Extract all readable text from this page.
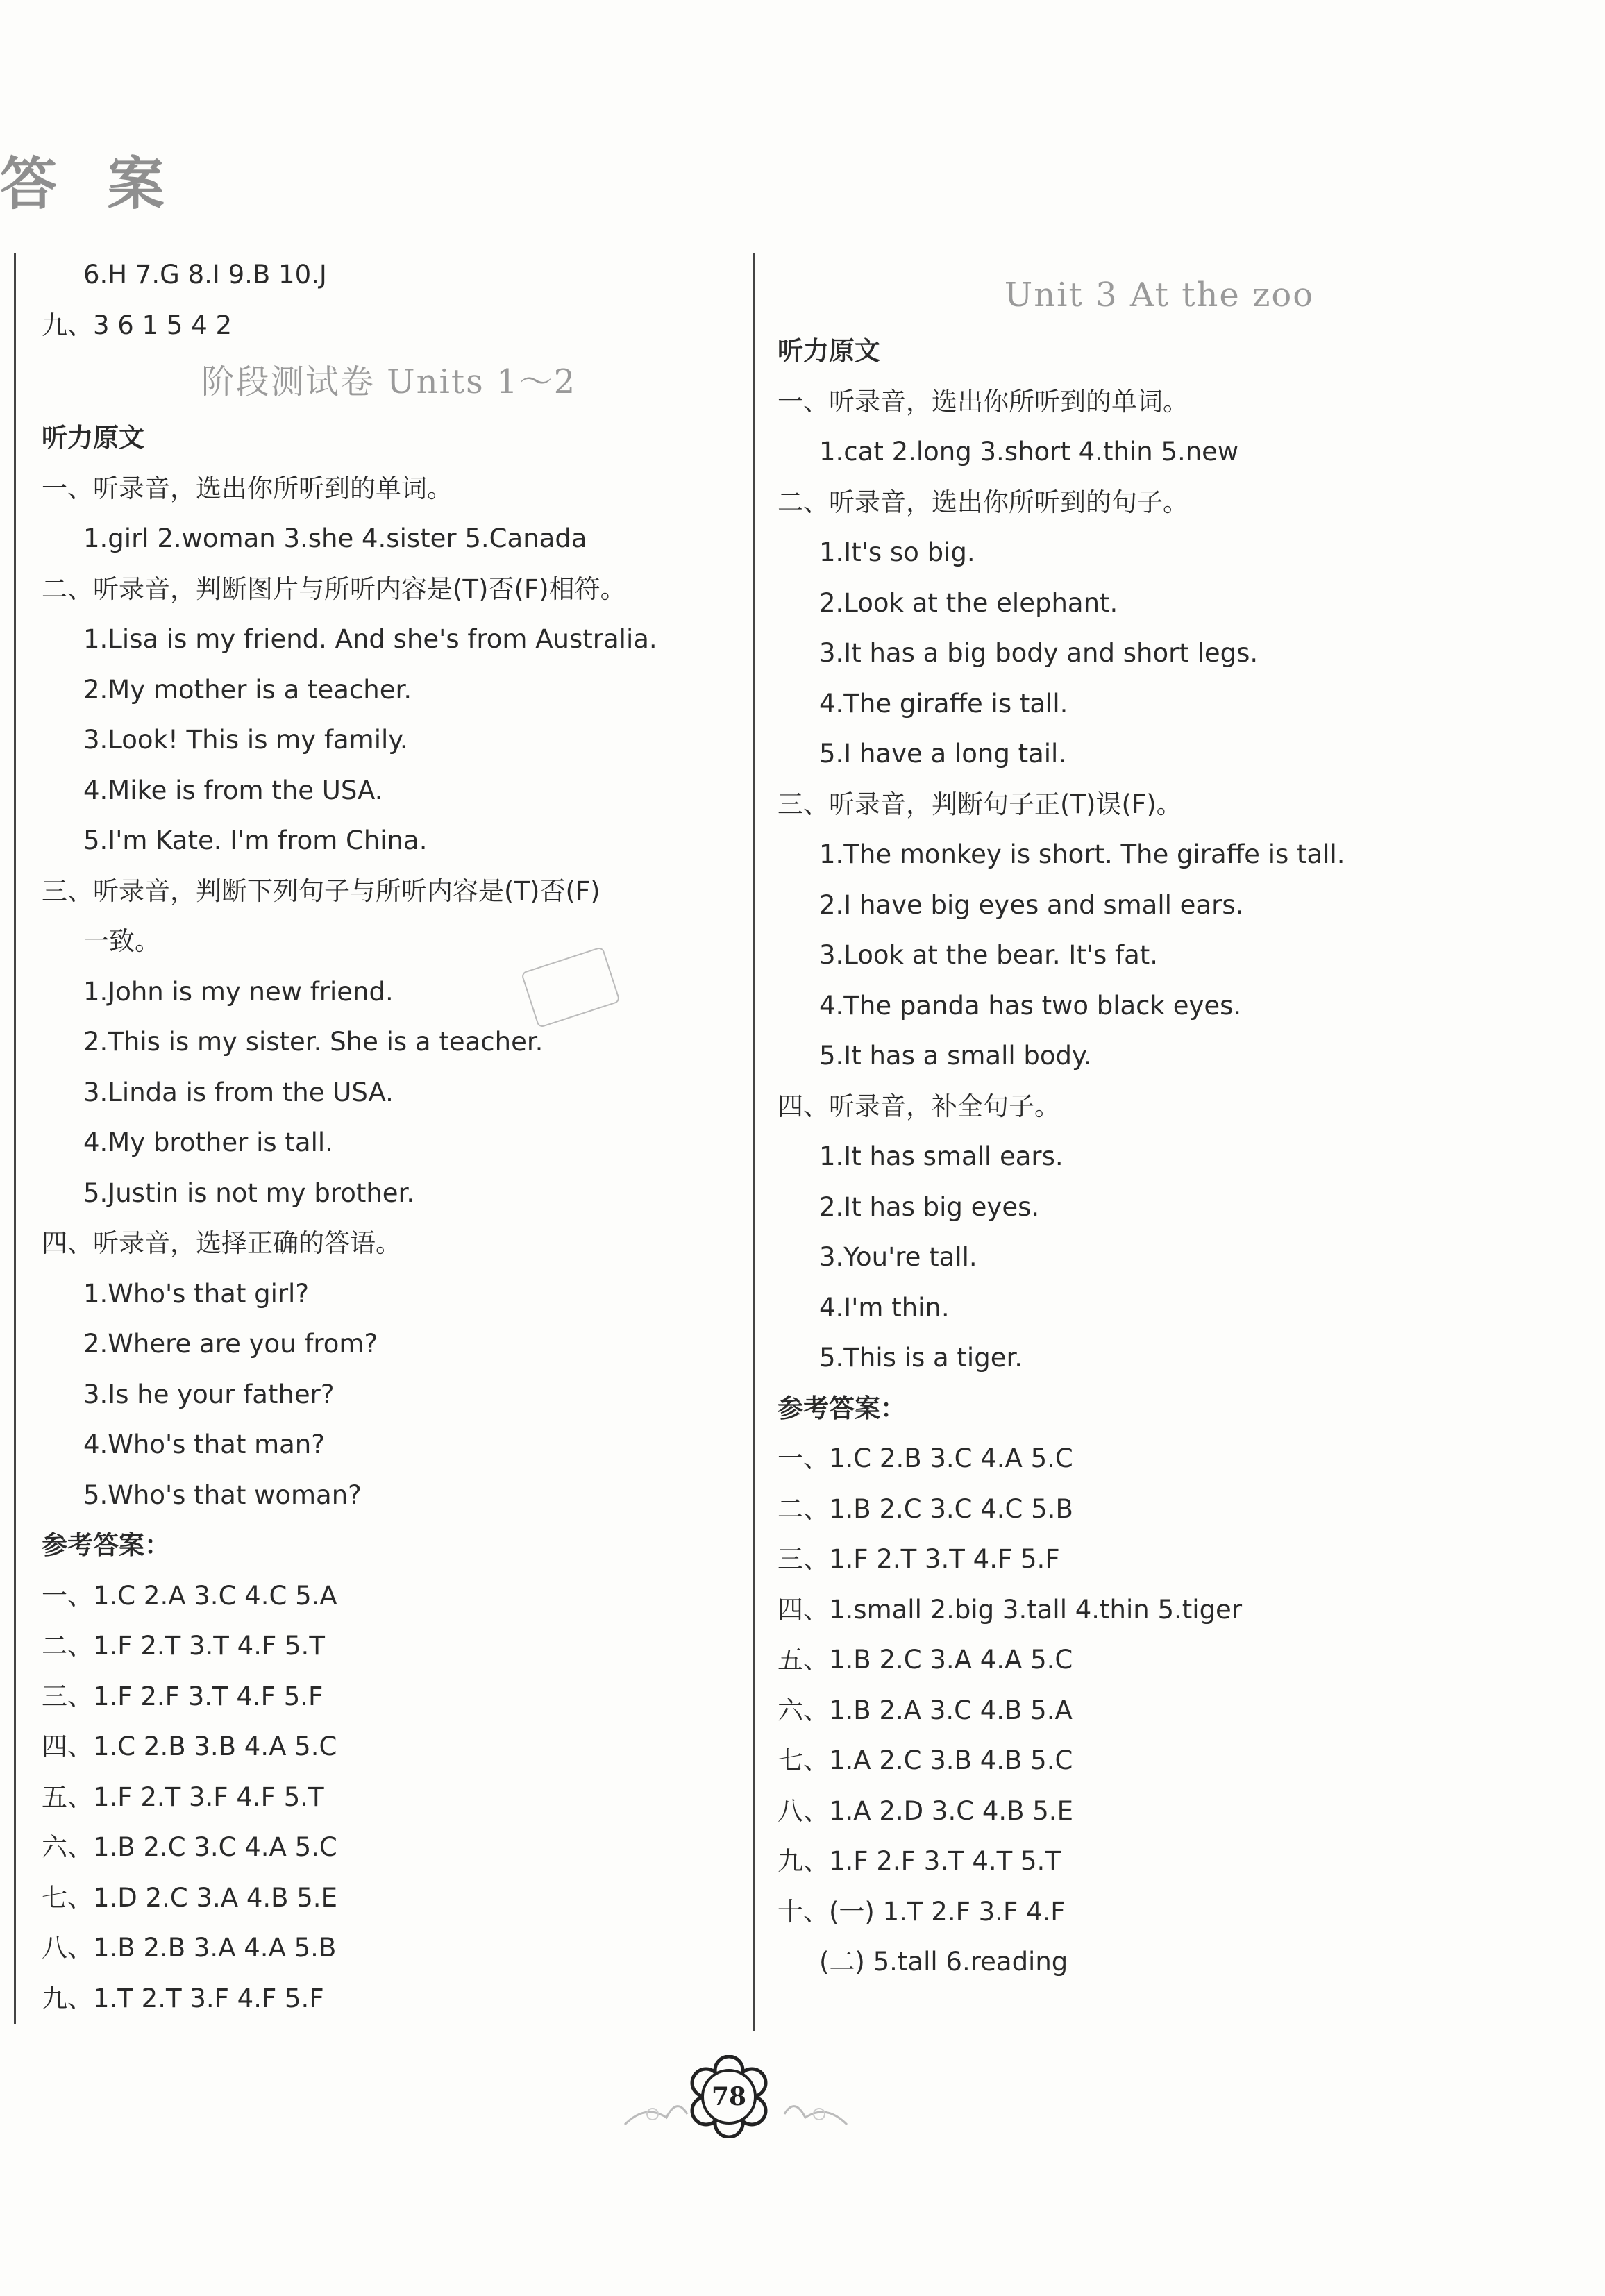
答 案
6.H 7.G 8.I 9.B 10.J
九、3 6 1 5 4 2
阶段测试卷 Units 1～2
听力原文
一、听录音，选出你所听到的单词。
1.girl 2.woman 3.she 4.sister 5.Canada
二、听录音，判断图片与所听内容是(T)否(F)相符。
1.Lisa is my friend. And she's from Australia.
2.My mother is a teacher.
3.Look! This is my family.
4.Mike is from the USA.
5.I'm Kate. I'm from China.
三、听录音，判断下列句子与所听内容是(T)否(F)
一致。
1.John is my new friend.
2.This is my sister. She is a teacher.
3.Linda is from the USA.
4.My brother is tall.
5.Justin is not my brother.
四、听录音，选择正确的答语。
1.Who's that girl?
2.Where are you from?
3.Is he your father?
4.Who's that man?
5.Who's that woman?
参考答案：
一、1.C 2.A 3.C 4.C 5.A
二、1.F 2.T 3.T 4.F 5.T
三、1.F 2.F 3.T 4.F 5.F
四、1.C 2.B 3.B 4.A 5.C
五、1.F 2.T 3.F 4.F 5.T
六、1.B 2.C 3.C 4.A 5.C
七、1.D 2.C 3.A 4.B 5.E
八、1.B 2.B 3.A 4.A 5.B
九、1.T 2.T 3.F 4.F 5.F
Unit 3 At the zoo
听力原文
一、听录音，选出你所听到的单词。
1.cat 2.long 3.short 4.thin 5.new
二、听录音，选出你所听到的句子。
1.It's so big.
2.Look at the elephant.
3.It has a big body and short legs.
4.The giraffe is tall.
5.I have a long tail.
三、听录音，判断句子正(T)误(F)。
1.The monkey is short. The giraffe is tall.
2.I have big eyes and small ears.
3.Look at the bear. It's fat.
4.The panda has two black eyes.
5.It has a small body.
四、听录音，补全句子。
1.It has small ears.
2.It has big eyes.
3.You're tall.
4.I'm thin.
5.This is a tiger.
参考答案：
一、1.C 2.B 3.C 4.A 5.C
二、1.B 2.C 3.C 4.C 5.B
三、1.F 2.T 3.T 4.F 5.F
四、1.small 2.big 3.tall 4.thin 5.tiger
五、1.B 2.C 3.A 4.A 5.C
六、1.B 2.A 3.C 4.B 5.A
七、1.A 2.C 3.B 4.B 5.C
八、1.A 2.D 3.C 4.B 5.E
九、1.F 2.F 3.T 4.T 5.T
十、(一) 1.T 2.F 3.F 4.F
(二) 5.tall 6.reading
78
